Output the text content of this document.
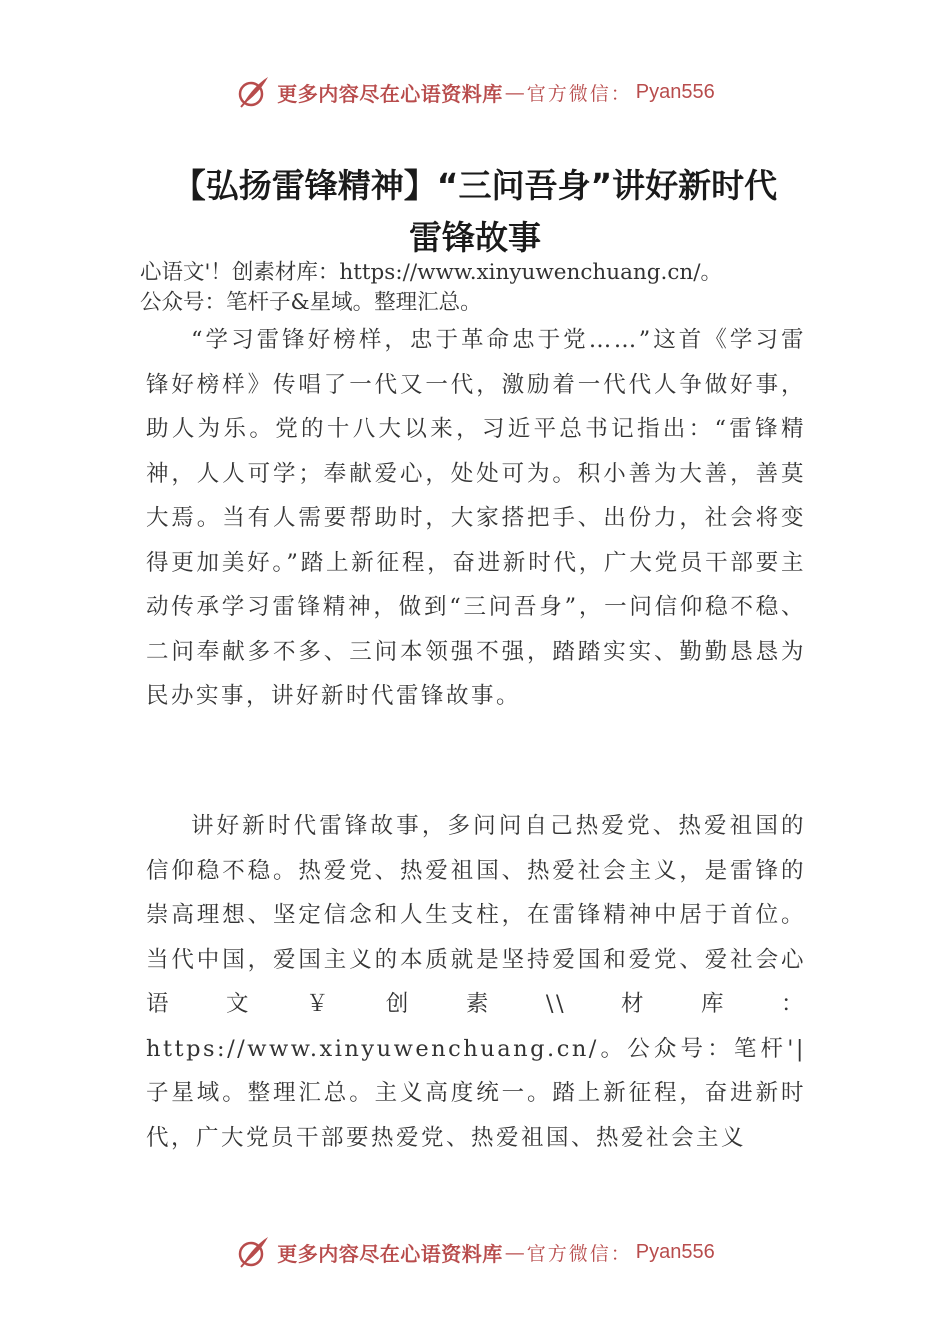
更多内容尽在心语资料库 — 官方微信： Pyan556
【弘扬雷锋精神】“三问吾身”讲好新时代
雷锋故事
心语文'！创素材库：https://www.xinyuwenchuang.cn/。
公众号：笔杆子&星域。整理汇总。
“学习雷锋好榜样，忠于革命忠于党……”这首《学习雷锋好榜样》传唱了一代又一代，激励着一代代人争做好事，助人为乐。党的十八大以来，习近平总书记指出：“雷锋精神，人人可学；奉献爱心，处处可为。积小善为大善，善莫大焉。当有人需要帮助时，大家搭把手、出份力，社会将变得更加美好。”踏上新征程，奋进新时代，广大党员干部要主动传承学习雷锋精神，做到“三问吾身”，一问信仰稳不稳、二问奉献多不多、三问本领强不强，踏踏实实、勤勤恳恳为民办实事，讲好新时代雷锋故事。
讲好新时代雷锋故事，多问问自己热爱党、热爱祖国的信仰稳不稳。热爱党、热爱祖国、热爱社会主义，是雷锋的崇高理想、坚定信念和人生支柱，在雷锋精神中居于首位。当代中国，爱国主义的本质就是坚持爱国和爱党、爱社会心语文￥创素\\材库：https://www.xinyuwenchuang.cn/。公众号：笔杆'|子星域。整理汇总。主义高度统一。踏上新征程，奋进新时代，广大党员干部要热爱党、热爱祖国、热爱社会主义
更多内容尽在心语资料库 — 官方微信： Pyan556
